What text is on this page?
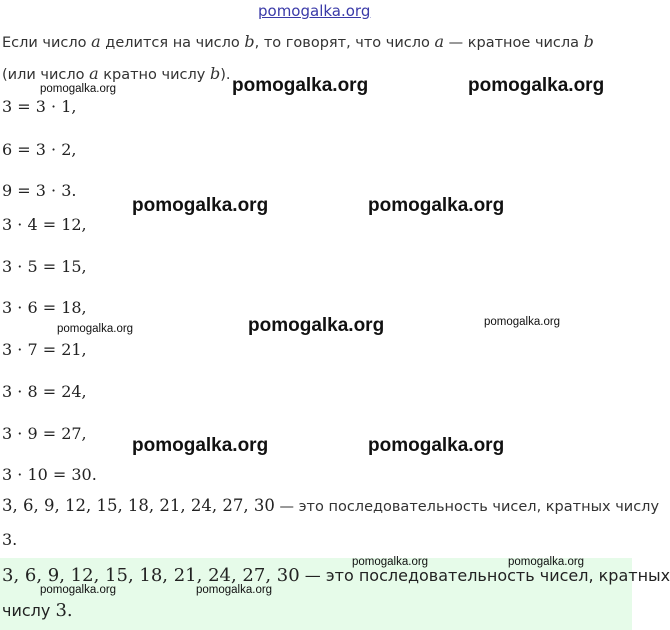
pomogalka.org
Если число a делится на число b, то говорят, что число a — кратное числа b
(или число a кратно числу b).
3 = 3 · 1,
6 = 3 · 2,
9 = 3 · 3.
3 · 4 = 12,
3 · 5 = 15,
3 · 6 = 18,
3 · 7 = 21,
3 · 8 = 24,
3 · 9 = 27,
3 · 10 = 30.
3, 6, 9, 12, 15, 18, 21, 24, 27, 30 — это последовательность чисел, кратных числу
3.
3, 6, 9, 12, 15, 18, 21, 24, 27, 30 — это последовательность чисел, кратных
числу 3.
pomogalka.org	pomogalka.org
pomogalka.org
pomogalka.org	pomogalka.org
pomogalka.org	pomogalka.org	pomogalka.org
pomogalka.org	pomogalka.org
pomogalka.org	pomogalka.org
pomogalka.org	pomogalka.org
